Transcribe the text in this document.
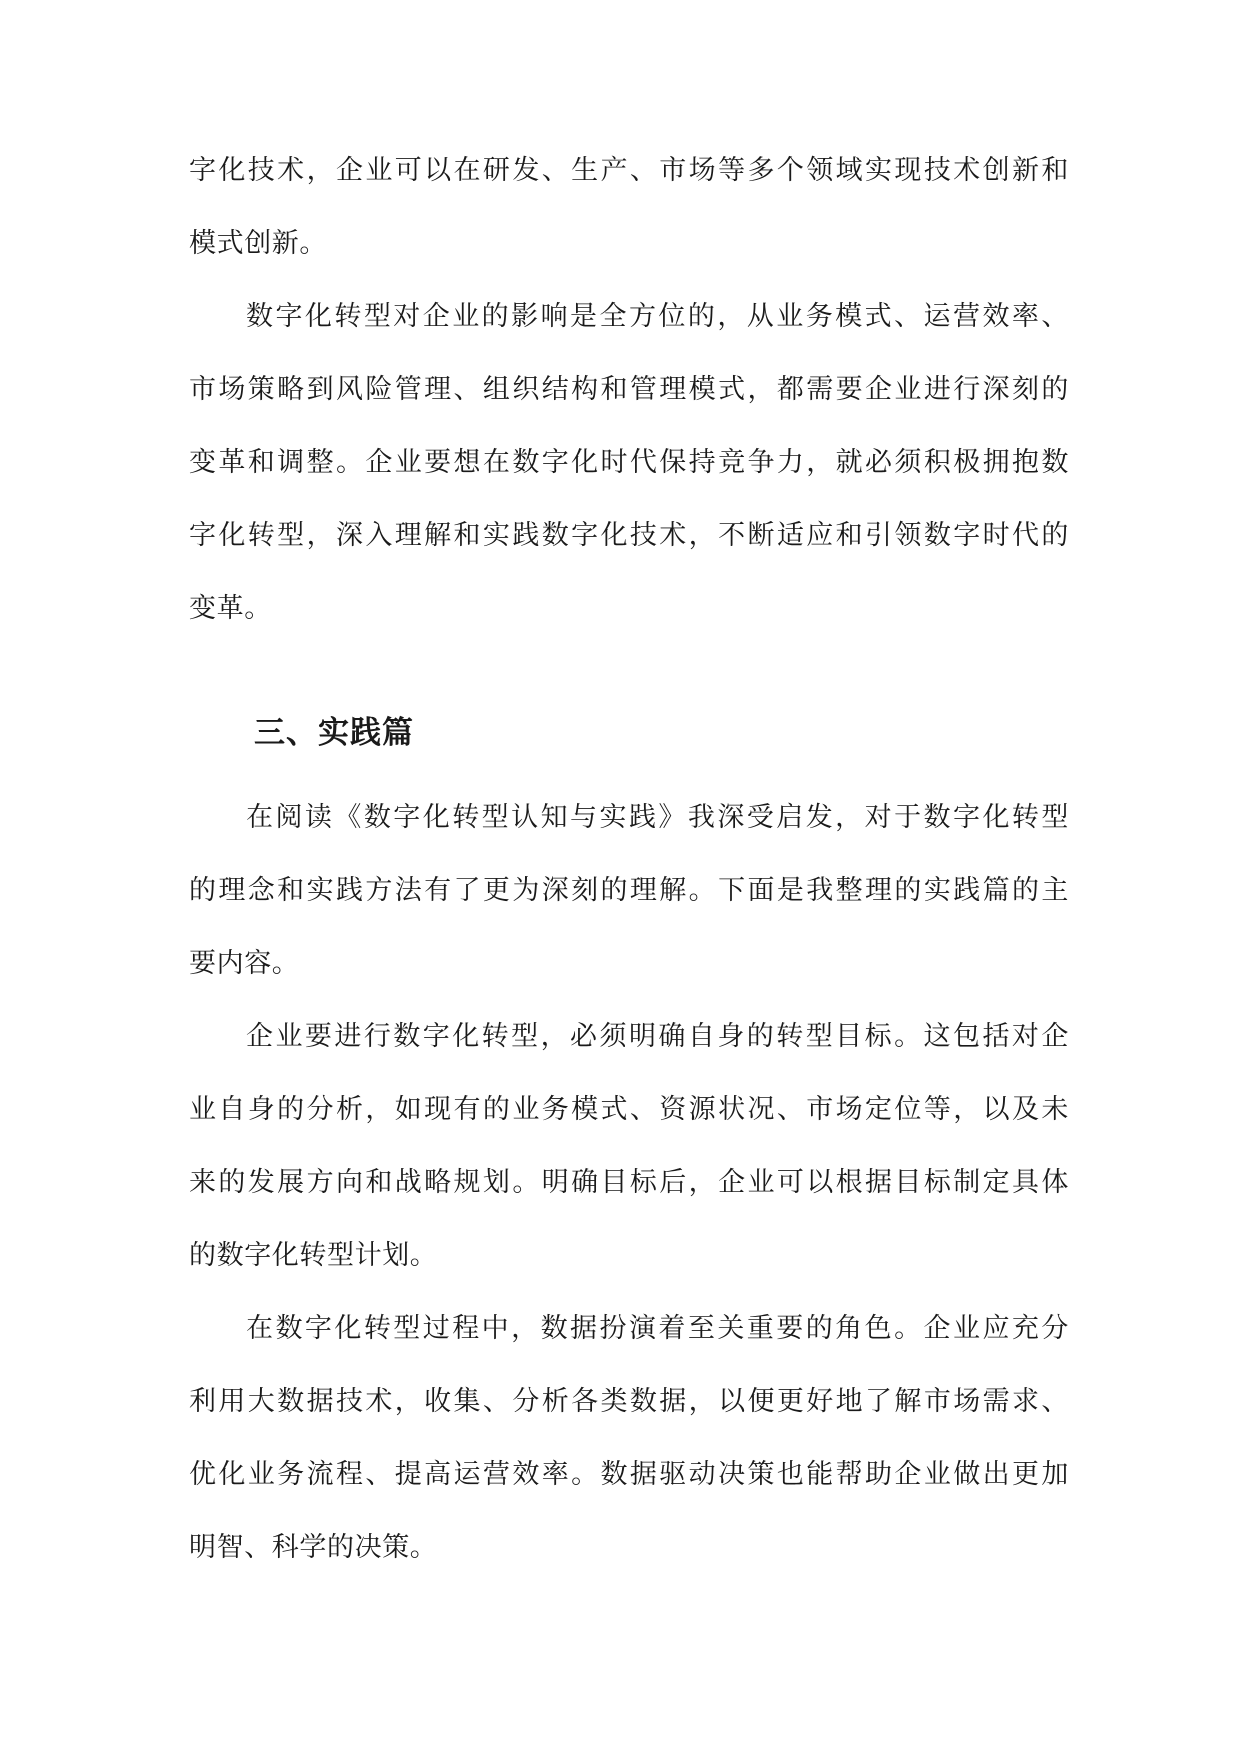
字化技术，企业可以在研发、生产、市场等多个领域实现技术创新和
模式创新。
数字化转型对企业的影响是全方位的，从业务模式、运营效率、
市场策略到风险管理、组织结构和管理模式，都需要企业进行深刻的
变革和调整。企业要想在数字化时代保持竞争力，就必须积极拥抱数
字化转型，深入理解和实践数字化技术，不断适应和引领数字时代的
变革。
三、实践篇
在阅读《数字化转型认知与实践》我深受启发，对于数字化转型
的理念和实践方法有了更为深刻的理解。下面是我整理的实践篇的主
要内容。
企业要进行数字化转型，必须明确自身的转型目标。这包括对企
业自身的分析，如现有的业务模式、资源状况、市场定位等，以及未
来的发展方向和战略规划。明确目标后，企业可以根据目标制定具体
的数字化转型计划。
在数字化转型过程中，数据扮演着至关重要的角色。企业应充分
利用大数据技术，收集、分析各类数据，以便更好地了解市场需求、
优化业务流程、提高运营效率。数据驱动决策也能帮助企业做出更加
明智、科学的决策。
